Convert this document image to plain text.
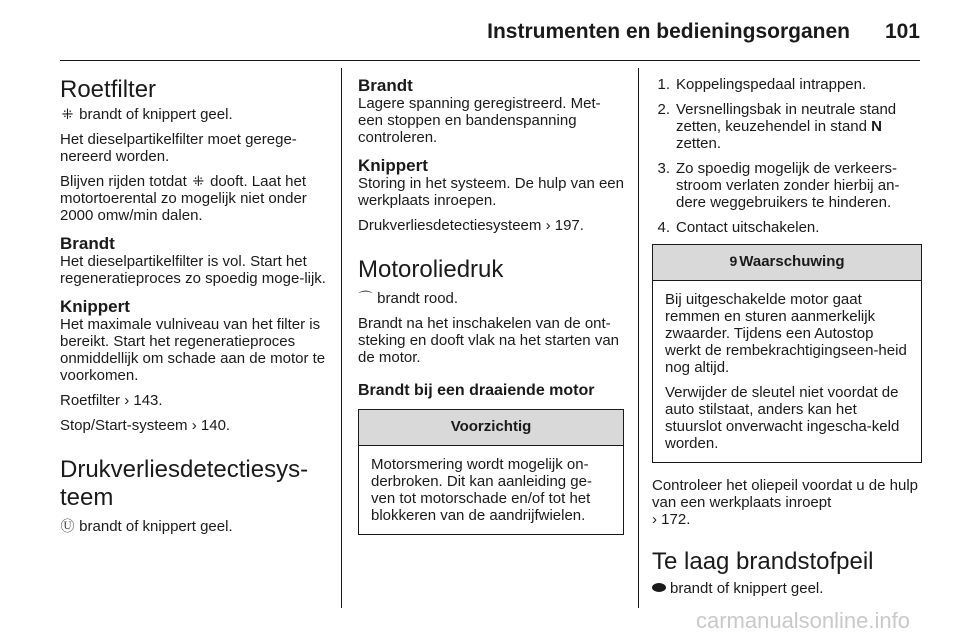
Instrumenten en bedieningsorganen 101
Roetfilter

⁜ brandt of knippert geel.

Het dieselpartikelfilter moet gerege-nereerd worden.

Blijven rijden totdat ⁜ dooft. Laat het motortoerental zo mogelijk niet onder 2000 omw/min dalen.

Brandt

Het dieselpartikelfilter is vol. Start het regeneratieproces zo spoedig moge-lijk.

Knippert

Het maximale vulniveau van het filter is bereikt. Start het regeneratieproces onmiddellijk om schade aan de motor te voorkomen.

Roetfilter › 143.

Stop/Start-systeem › 140.

Drukverliesdetectiesys-teem

Ⓤ brandt of knippert geel.

Brandt

Lagere spanning geregistreerd. Met-een stoppen en bandenspanning controleren.

Knippert

Storing in het systeem. De hulp van een werkplaats inroepen.

Drukverliesdetectiesysteem › 197.

Motoroliedruk

⌒ brandt rood.

Brandt na het inschakelen van de ont-steking en dooft vlak na het starten van de motor.

Brandt bij een draaiende motor
Voorzichtig

Motorsmering wordt mogelijk on-derbroken. Dit kan aanleiding ge-ven tot motorschade en/of tot het blokkeren van de aandrijfwielen.

1. Koppelingspedaal intrappen.
2. Versnellingsbak in neutrale stand zetten, keuzehendel in stand N zetten.
3. Zo spoedig mogelijk de verkeers-stroom verlaten zonder hierbij an-dere weggebruikers te hinderen.
4. Contact uitschakelen.
9 Waarschuwing

Bij uitgeschakelde motor gaat remmen en sturen aanmerkelijk zwaarder. Tijdens een Autostop werkt de rembekrachtigingseen-heid nog altijd.

Verwijder de sleutel niet voordat de auto stilstaat, anders kan het stuurslot onverwacht ingescha-keld worden.

Controleer het oliepeil voordat u de hulp van een werkplaats inroept
› 172.

Te laag brandstofpeil

brandt of knippert geel.

carmanualsonline.info
